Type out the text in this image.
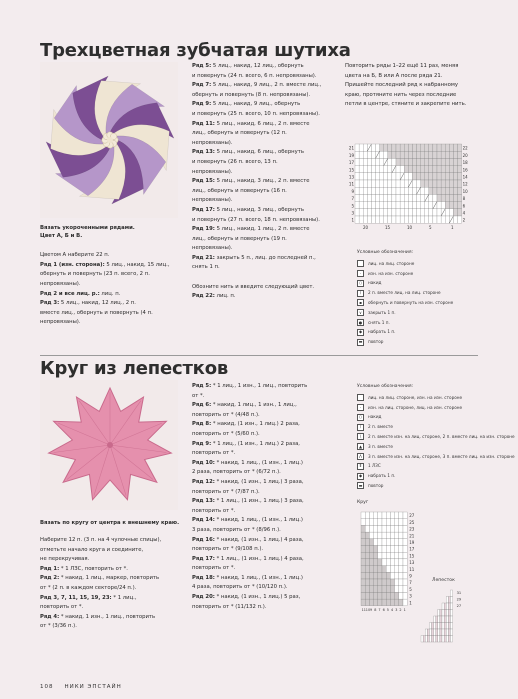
Трехцветная зубчатая шутиха
Вязать укороченными рядами.

Цвет А, Б и В.

Цветом А наберите 22 п.

Ряд 1 (изн. сторона): 5 лиц., накид, 15 лиц.,

обернуть и повернуть (23 п. всего, 2 п.

непровязаны).

Ряд 2 и все лиц. р.: лиц. п.

Ряд 3: 5 лиц., накид, 12 лиц., 2 п.

вместе лиц., обернуть и повернуть (4 п.

непровязаны).

Ряд 5: 5 лиц., накид, 12 лиц., обернуть

и повернуть (24 п. всего, 6 п. непровязаны).

Ряд 7: 5 лиц., накид, 9 лиц., 2 п. вместе лиц.,

обернуть и повернуть (8 п. непровязаны).

Ряд 9: 5 лиц., накид, 9 лиц., обернуть

и повернуть (25 п. всего, 10 п. непровязаны).

Ряд 11: 5 лиц., накид, 6 лиц., 2 п. вместе

лиц., обернуть и повернуть (12 п.

непровязаны).

Ряд 13: 5 лиц., накид, 6 лиц., обернуть

и повернуть (26 п. всего, 13 п.

непровязаны).

Ряд 15: 5 лиц., накид, 3 лиц., 2 п. вместе

лиц., обернуть и повернуть (16 п.

непровязаны).

Ряд 17: 5 лиц., накид, 3 лиц., обернуть

и повернуть (27 п. всего, 18 п. непровязаны).

Ряд 19: 5 лиц., накид, 1 лиц., 2 п. вместе

лиц., обернуть и повернуть (19 п.

непровязаны).

Ряд 21: закрыть 5 п., лиц. до последней п.,

снять 1 п.

Обозните нить и введите следующий цвет.

Ряд 22: лиц. п.

Повторить ряды 1–22 ещё 11 раз, меняя

цвета на Б, В или А после ряда 21.

Пришейте последний ряд к набранному

краю, протяните нить через последние

петли в центре, стяните и закрепите нить.

21	22
19	20
17	18
15	16
13	14
11	12
9	10
7	8
5	6
3	4
1	2
20	15	10	5	1
Условные обозначения:
лиц. на лиц. стороне
·	изн. на изн. стороне
○	накид
/	2 п. вместе лиц. на лиц. стороне
▪	обернуть и повернуть на изн. стороне
∨	закрыть 1 п.
●	снять 1 п.
◆	набрать 1 п.
▬	повтор
Круг из лепестков
Вязать по кругу от центра к внешнему краю.

Наберите 12 п. (3 п. на 4 чулочные спицы),

отметьте начало круга и соедините,

не перекручивая.

Ряд 1: * 1 ЛЗС, повторить от *.

Ряд 2: * накид, 1 лиц., маркер, повторить

от * (2 п. в каждом секторе/24 п.).

Ряд 3, 7, 11, 15, 19, 23: * 1 лиц.,

повторить от *.

Ряд 4: * накид, 1 изн., 1 лиц., повторить

от * (3/36 п.).

Ряд 5: * 1 лиц., 1 изн., 1 лиц., повторить

от *.

Ряд 6: * накид, 1 лиц., 1 изн., 1 лиц.,

повторить от * (4/48 п.).

Ряд 8: * накид, (1 изн., 1 лиц.) 2 раза,

повторить от * (5/60 п.).

Ряд 9: * 1 лиц., (1 изн., 1 лиц.) 2 раза,

повторить от *.

Ряд 10: * накид, 1 лиц., (1 изн., 1 лиц.)

2 раза, повторить от * (6/72 п.).

Ряд 12: * накид, (1 изн., 1 лиц.) 3 раза,

повторить от * (7/87 п.).

Ряд 13: * 1 лиц., (1 изн., 1 лиц.) 3 раза,

повторить от *.

Ряд 14: * накид, 1 лиц., (1 изн., 1 лиц.)

3 раза, повторить от * (8/96 п.).

Ряд 16: * накид, (1 изн., 1 лиц.) 4 раза,

повторить от * (9/108 п.).

Ряд 17: * 1 лиц., (1 изн., 1 лиц.) 4 раза,

повторить от *.

Ряд 18: * накид, 1 лиц., (1 изн., 1 лиц.)

4 раза, повторить от * (10/120 п.).

Ряд 20: * накид, (1 изн., 1 лиц.) 5 раз,

повторить от * (11/132 п.).

Условные обозначения:
лиц. на лиц. стороне, изн. на изн. стороне
·	изн. на лиц. стороне, лиц. на изн. стороне
○	накид
/	2 п. вместе
\	2 п. вместе изн. на лиц. стороне, 2 п. вместе лиц. на изн. стороне
▲	3 п. вместе
Λ	3 п. вместе изн. на лиц. стороне, 3 п. вместе лиц. на изн. стороне
Ⅱ	1 ЛЗС
◆	набрать 1 п.
▬	повтор
Круг
27
25
23
21
19
17
15
13
11
9
7
5
3
1
11 10 9 8 7 6 5 4 3 2 1
31
29
27
Лепесток
108 НИКИ ЭПСТАЙН
